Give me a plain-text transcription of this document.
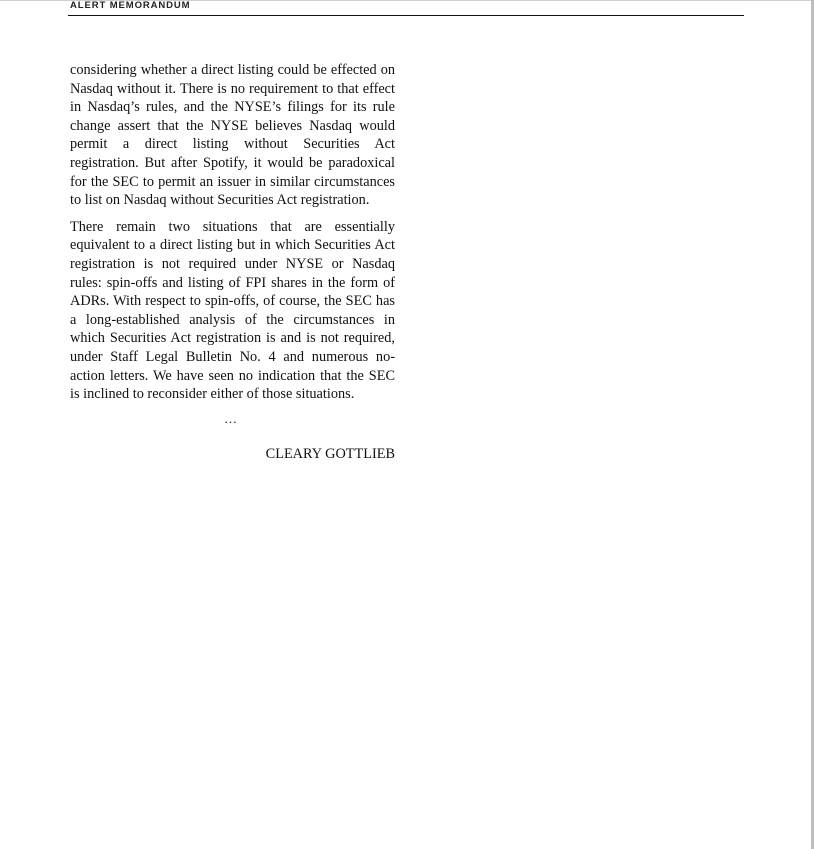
ALERT MEMORANDUM

considering whether a direct listing could be effected on Nasdaq without it. There is no requirement to that effect in Nasdaq’s rules, and the NYSE’s filings for its rule change assert that the NYSE believes Nasdaq would permit a direct listing without Securities Act registration. But after Spotify, it would be paradoxical for the SEC to permit an issuer in similar circumstances to list on Nasdaq without Securities Act registration.

There remain two situations that are essentially equivalent to a direct listing but in which Securities Act registration is not required under NYSE or Nasdaq rules: spin-offs and listing of FPI shares in the form of ADRs. With respect to spin-offs, of course, the SEC has a long-established analysis of the circumstances in which Securities Act registration is and is not required, under Staff Legal Bulletin No. 4 and numerous no-action letters. We have seen no indication that the SEC is inclined to reconsider either of those situations.

…
CLEARY GOTTLIEB
